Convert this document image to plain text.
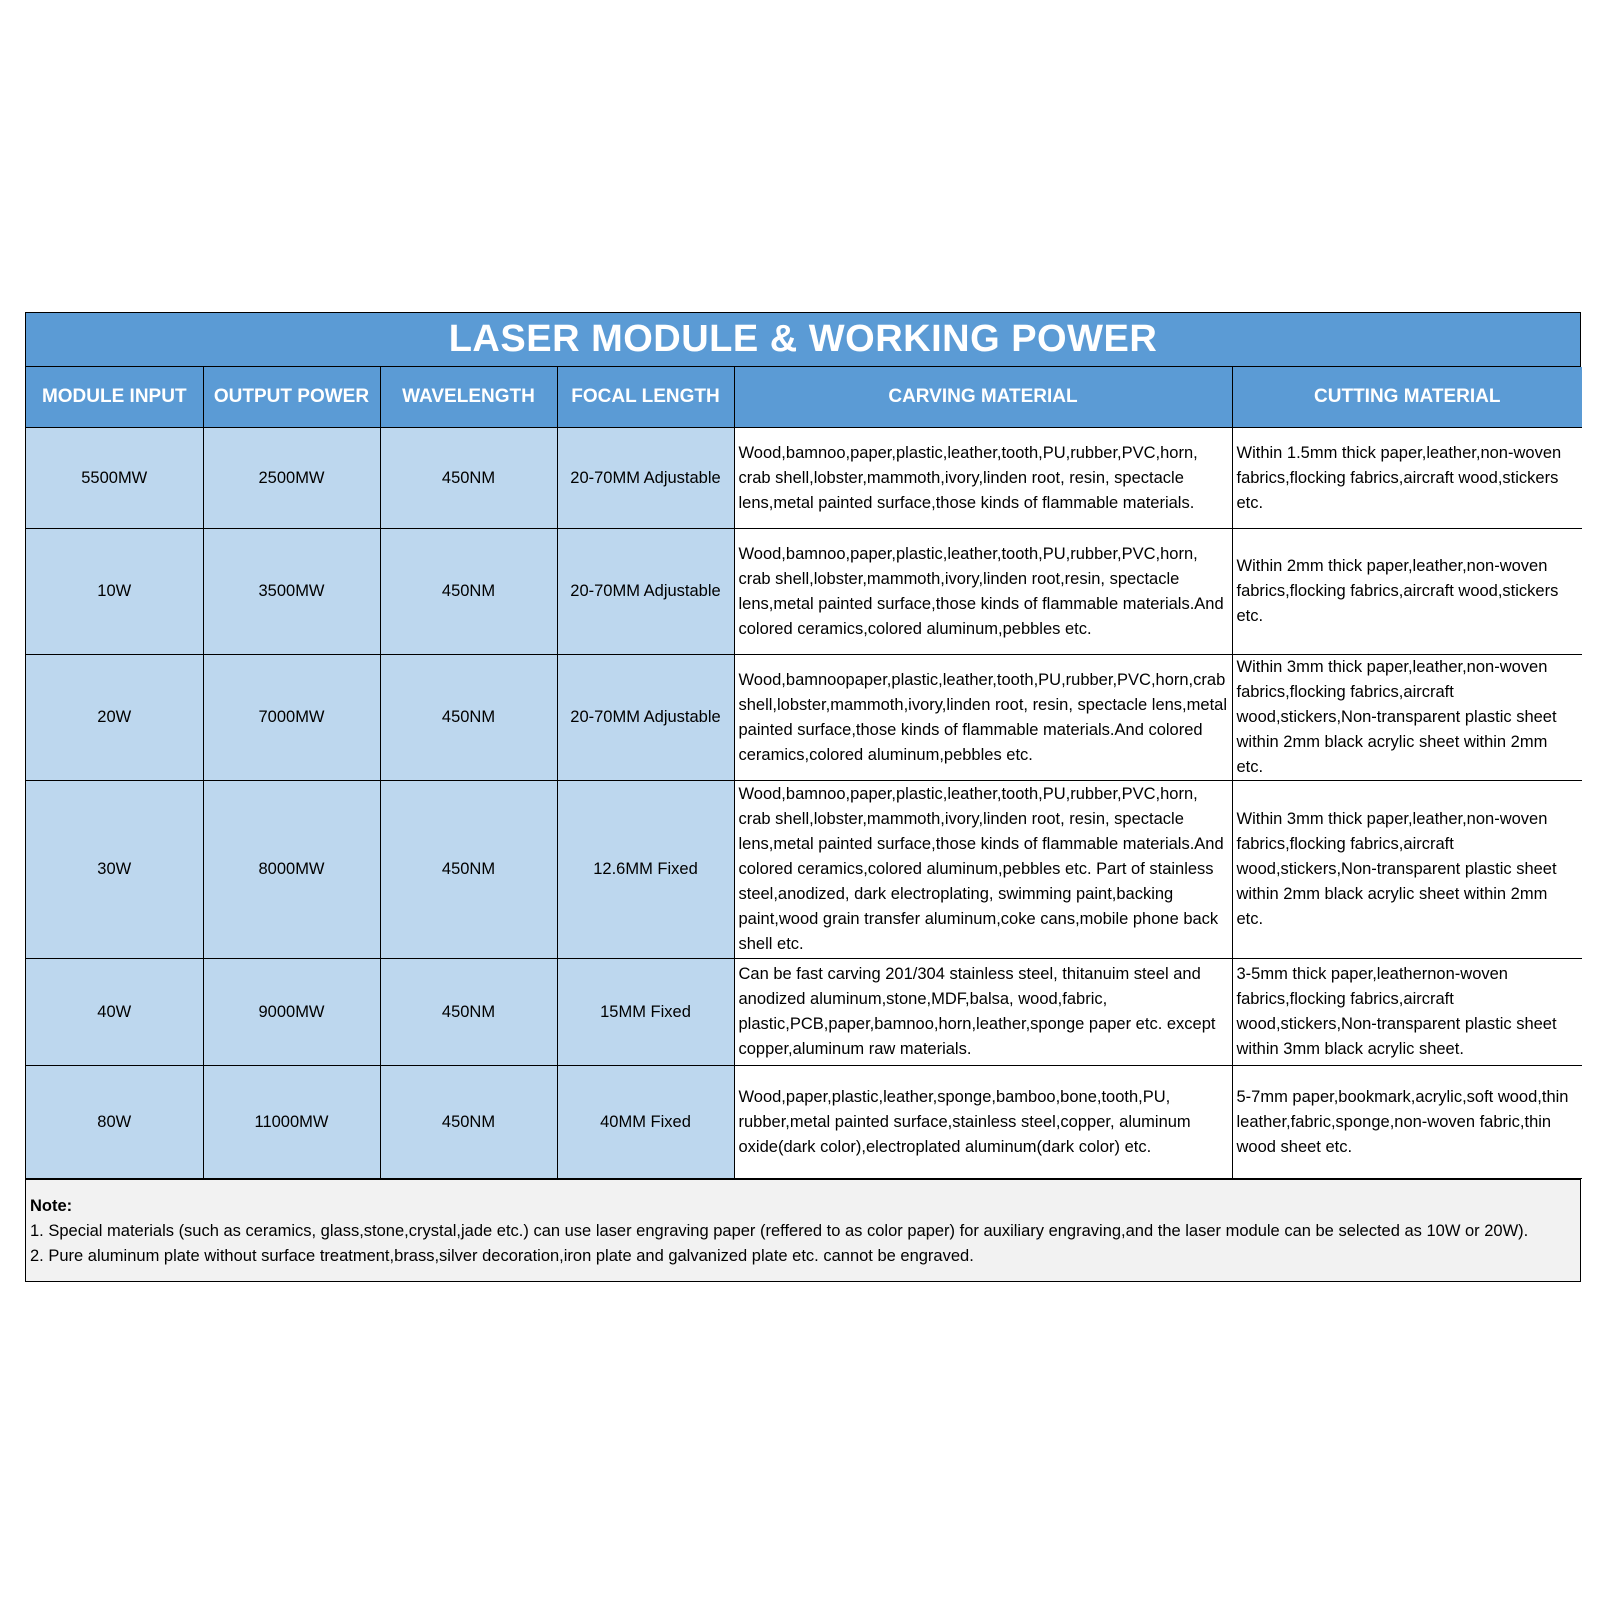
LASER MODULE & WORKING POWER
MODULE INPUT	OUTPUT POWER	WAVELENGTH	FOCAL LENGTH	CARVING MATERIAL	CUTTING MATERIAL
5500MW	2500MW	450NM	20-70MM Adjustable	Wood,bamnoo,paper,plastic,leather,tooth,PU,rubber,PVC,horn, crab shell,lobster,mammoth,ivory,linden root, resin, spectacle lens,metal painted surface,those kinds of flammable materials.	Within 1.5mm thick paper,leather,non-woven fabrics,flocking fabrics,aircraft wood,stickers etc.
10W	3500MW	450NM	20-70MM Adjustable	Wood,bamnoo,paper,plastic,leather,tooth,PU,rubber,PVC,horn, crab shell,lobster,mammoth,ivory,linden root,resin, spectacle lens,metal painted surface,those kinds of flammable materials.And colored ceramics,colored aluminum,pebbles etc.	Within 2mm thick paper,leather,non-woven fabrics,flocking fabrics,aircraft wood,stickers etc.
20W	7000MW	450NM	20-70MM Adjustable	Wood,bamnoopaper,plastic,leather,tooth,PU,rubber,PVC,horn,crab shell,lobster,mammoth,ivory,linden root, resin, spectacle lens,metal painted surface,those kinds of flammable materials.And colored ceramics,colored aluminum,pebbles etc.	Within 3mm thick paper,leather,non-woven fabrics,flocking fabrics,aircraft wood,stickers,Non-transparent plastic sheet within 2mm black acrylic sheet within 2mm etc.
30W	8000MW	450NM	12.6MM Fixed	Wood,bamnoo,paper,plastic,leather,tooth,PU,rubber,PVC,horn, crab shell,lobster,mammoth,ivory,linden root, resin, spectacle lens,metal painted surface,those kinds of flammable materials.And colored ceramics,colored aluminum,pebbles etc. Part of stainless steel,anodized, dark electroplating, swimming paint,backing paint,wood grain transfer aluminum,coke cans,mobile phone back shell etc.	Within 3mm thick paper,leather,non-woven fabrics,flocking fabrics,aircraft wood,stickers,Non-transparent plastic sheet within 2mm black acrylic sheet within 2mm etc.
40W	9000MW	450NM	15MM Fixed	Can be fast carving 201/304 stainless steel, thitanuim steel and anodized aluminum,stone,MDF,balsa, wood,fabric, plastic,PCB,paper,bamnoo,horn,leather,sponge paper etc. except copper,aluminum raw materials.	3-5mm thick paper,leathernon-woven fabrics,flocking fabrics,aircraft wood,stickers,Non-transparent plastic sheet within 3mm black acrylic sheet.
80W	11000MW	450NM	40MM Fixed	Wood,paper,plastic,leather,sponge,bamboo,bone,tooth,PU, rubber,metal painted surface,stainless steel,copper, aluminum oxide(dark color),electroplated aluminum(dark color) etc.	5-7mm paper,bookmark,acrylic,soft wood,thin leather,fabric,sponge,non-woven fabric,thin wood sheet etc.
Note:
1. Special materials (such as ceramics, glass,stone,crystal,jade etc.) can use laser engraving paper (reffered to as color paper) for auxiliary engraving,and the laser module can be selected as 10W or 20W).
2. Pure aluminum plate without surface treatment,brass,silver decoration,iron plate and galvanized plate etc. cannot be engraved.
